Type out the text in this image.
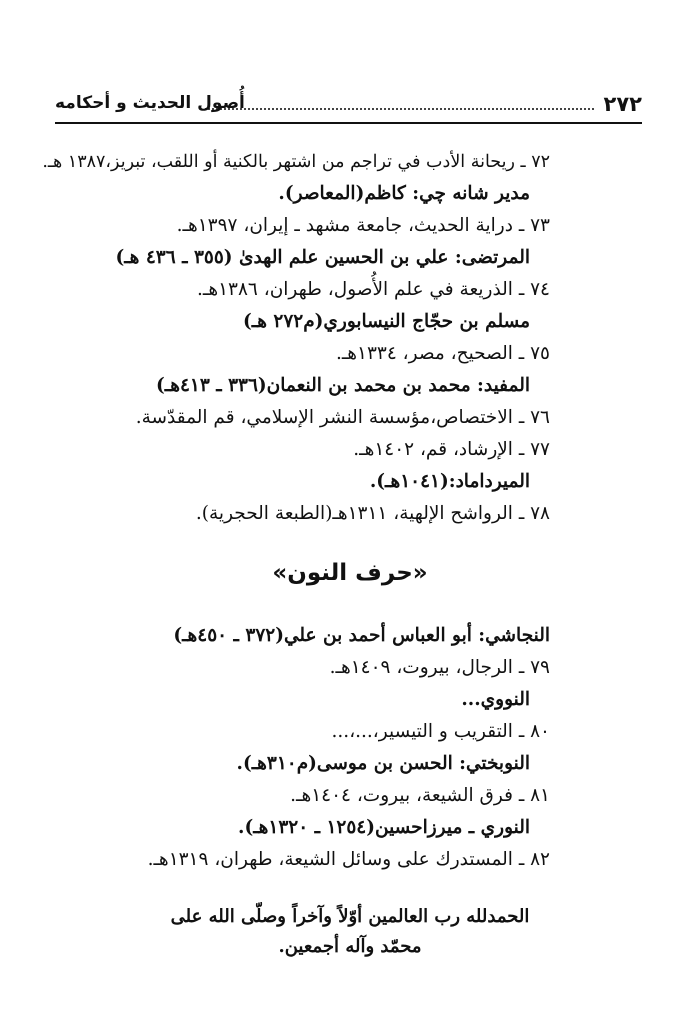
٢٧٢
أُصول الحديث و أحكامه
٧٢ ـ ريحانة الأدب في تراجم من اشتهر بالكنية أو اللقب، تبريز،١٣٨٧ هـ.
مدير شانه چي: كاظم(المعاصر).
٧٣ ـ دراية الحديث، جامعة مشهد ـ إيران، ١٣٩٧هـ.
المرتضى: علي بن الحسين علم الهدىٰ (٣٥٥ ـ ٤٣٦ هـ)
٧٤ ـ الذريعة في علم الأُصول، طهران، ١٣٨٦هـ.
مسلم بن حجّاج النيسابوري(م٢٧٢ هـ)
٧٥ ـ الصحيح، مصر، ١٣٣٤هـ.
المفيد: محمد بن محمد بن النعمان(٣٣٦ ـ ٤١٣هـ)
٧٦ ـ الاختصاص،مؤسسة النشر الإسلامي، قم المقدّسة.
٧٧ ـ الإرشاد، قم، ١٤٠٢هـ.
الميرداماد:(١٠٤١هـ).
٧٨ ـ الرواشح الإلهية، ١٣١١هـ(الطبعة الحجرية).
«حرف النون»
النجاشي: أبو العباس أحمد بن علي(٣٧٢ ـ ٤٥٠هـ)
٧٩ ـ الرجال، بيروت، ١٤٠٩هـ.
النووي...
٨٠ ـ التقريب و التيسير،...،...
النوبختي: الحسن بن موسى(م٣١٠هـ).
٨١ ـ فرق الشيعة، بيروت، ١٤٠٤هـ.
النوري ـ ميرزاحسين(١٢٥٤ ـ ١٣٢٠هـ).
٨٢ ـ المستدرك على وسائل الشيعة، طهران، ١٣١٩هـ.
الحمدلله رب العالمين أوّلاً وآخراً وصلّى الله على
محمّد وآله أجمعين.
